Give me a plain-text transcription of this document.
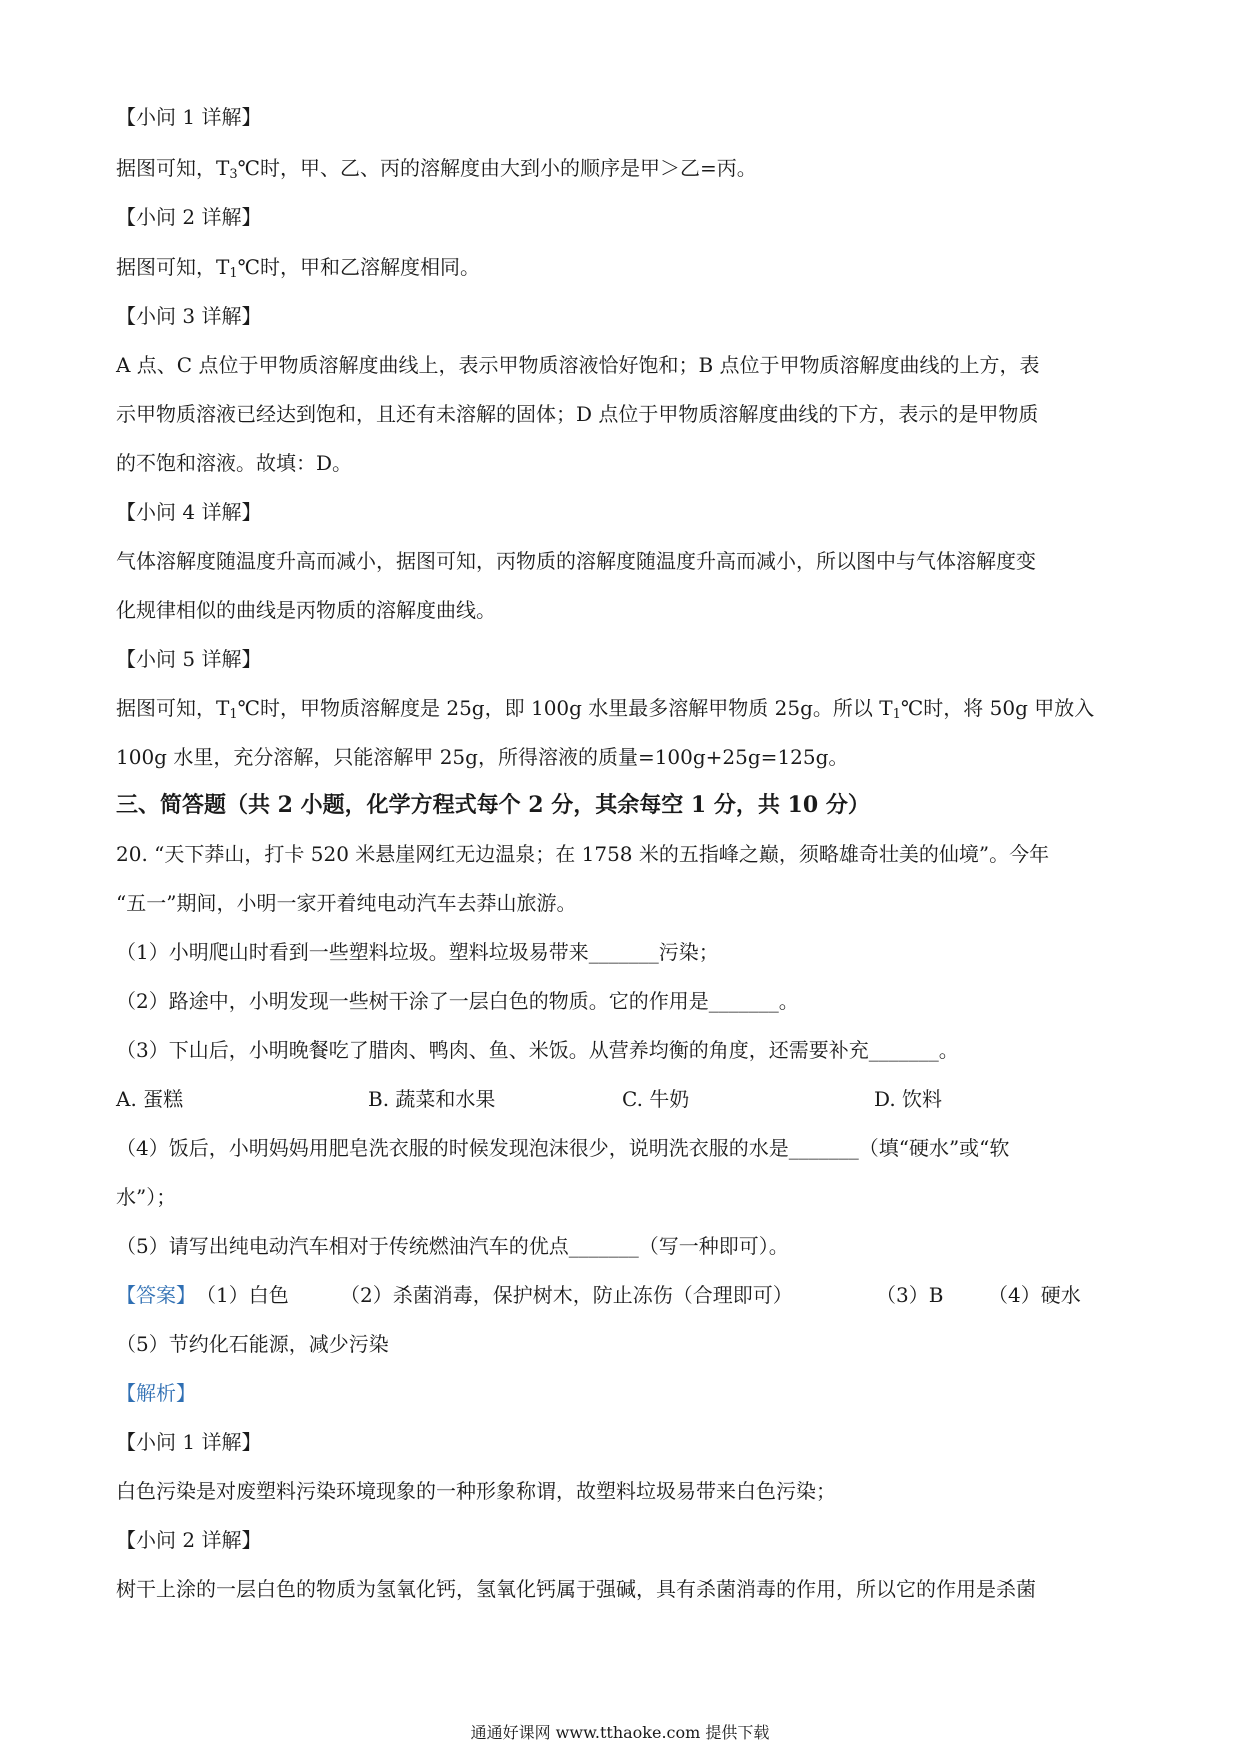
【小问 1 详解】
据图可知，$T_3℃$时，甲、乙、丙的溶解度由大到小的顺序是甲＞乙=丙。
【小问 2 详解】
据图可知，$T_1℃$时，甲和乙溶解度相同。
【小问 3 详解】
A 点、C 点位于甲物质溶解度曲线上，表示甲物质溶液恰好饱和；B 点位于甲物质溶解度曲线的上方，表
示甲物质溶液已经达到饱和，且还有未溶解的固体；D 点位于甲物质溶解度曲线的下方，表示的是甲物质
的不饱和溶液。故填：D。
【小问 4 详解】
气体溶解度随温度升高而减小，据图可知，丙物质的溶解度随温度升高而减小，所以图中与气体溶解度变
化规律相似的曲线是丙物质的溶解度曲线。
【小问 5 详解】
据图可知，$T_1℃$时，甲物质溶解度是 25g，即 100g 水里最多溶解甲物质 25g。所以 $T_1℃$时，将 50g 甲放入
100g 水里，充分溶解，只能溶解甲 25g，所得溶液的质量=100g+25g=125g。
三、简答题（共 2 小题，化学方程式每个 2 分，其余每空 1 分，共 10 分）
20. “天下莽山，打卡 520 米悬崖网红无边温泉；在 1758 米的五指峰之巅，须略雄奇壮美的仙境”。今年
“五一”期间，小明一家开着纯电动汽车去莽山旅游。
（1）小明爬山时看到一些塑料垃圾。塑料垃圾易带来_______污染；
（2）路途中，小明发现一些树干涂了一层白色的物质。它的作用是_______。
（3）下山后，小明晚餐吃了腊肉、鸭肉、鱼、米饭。从营养均衡的角度，还需要补充_______。
A. 蛋糕	B. 蔬菜和水果	C. 牛奶	D. 饮料
（4）饭后，小明妈妈用肥皂洗衣服的时候发现泡沫很少，说明洗衣服的水是_______（填“硬水”或“软
水”）；
（5）请写出纯电动汽车相对于传统燃油汽车的优点_______（写一种即可）。
【答案】 （1）白色	（2）杀菌消毒，保护树木，防止冻伤（合理即可）	（3）B （4）硬水
（5）节约化石能源，减少污染
【解析】
【小问 1 详解】
白色污染是对废塑料污染环境现象的一种形象称谓，故塑料垃圾易带来白色污染；
【小问 2 详解】
树干上涂的一层白色的物质为氢氧化钙，氢氧化钙属于强碱，具有杀菌消毒的作用，所以它的作用是杀菌
通通好课网 www.tthaoke.com 提供下载
